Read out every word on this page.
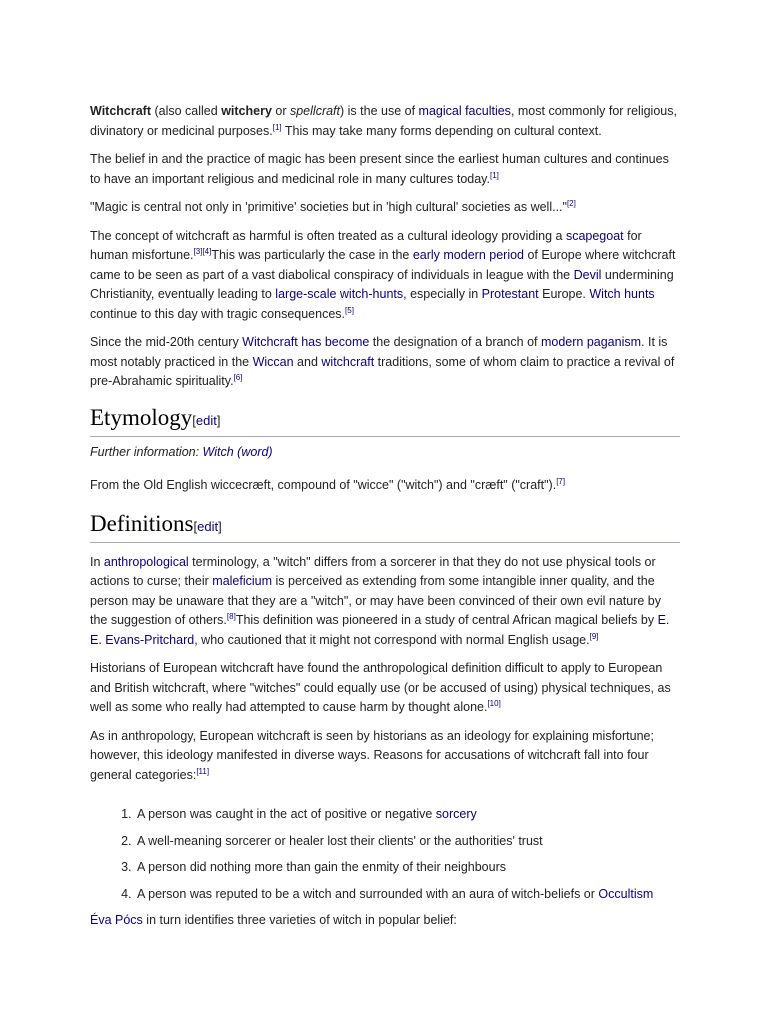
Witchcraft (also called witchery or spellcraft) is the use of magical faculties, most commonly for religious, divinatory or medicinal purposes.[1] This may take many forms depending on cultural context.

The belief in and the practice of magic has been present since the earliest human cultures and continues to have an important religious and medicinal role in many cultures today.[1]

"Magic is central not only in 'primitive' societies but in 'high cultural' societies as well..."[2]

The concept of witchcraft as harmful is often treated as a cultural ideology providing a scapegoat for human misfortune.[3][4]This was particularly the case in the early modern period of Europe where witchcraft came to be seen as part of a vast diabolical conspiracy of individuals in league with the Devil undermining Christianity, eventually leading to large-scale witch-hunts, especially in Protestant Europe. Witch hunts continue to this day with tragic consequences.[5]

Since the mid-20th century Witchcraft has become the designation of a branch of modern paganism. It is most notably practiced in the Wiccan and witchcraft traditions, some of whom claim to practice a revival of pre-Abrahamic spirituality.[6]

Etymology[edit]
Further information: Witch (word)

From the Old English wiccecræft, compound of "wicce" ("witch") and "cræft" ("craft").[7]

Definitions[edit]

In anthropological terminology, a "witch" differs from a sorcerer in that they do not use physical tools or actions to curse; their maleficium is perceived as extending from some intangible inner quality, and the person may be unaware that they are a "witch", or may have been convinced of their own evil nature by the suggestion of others.[8]This definition was pioneered in a study of central African magical beliefs by E. E. Evans-Pritchard, who cautioned that it might not correspond with normal English usage.[9]

Historians of European witchcraft have found the anthropological definition difficult to apply to European and British witchcraft, where "witches" could equally use (or be accused of using) physical techniques, as well as some who really had attempted to cause harm by thought alone.[10]

As in anthropology, European witchcraft is seen by historians as an ideology for explaining misfortune; however, this ideology manifested in diverse ways. Reasons for accusations of witchcraft fall into four general categories:[11]

1. A person was caught in the act of positive or negative sorcery
2. A well-meaning sorcerer or healer lost their clients' or the authorities' trust
3. A person did nothing more than gain the enmity of their neighbours
4. A person was reputed to be a witch and surrounded with an aura of witch-beliefs or Occultism

Éva Pócs in turn identifies three varieties of witch in popular belief:
